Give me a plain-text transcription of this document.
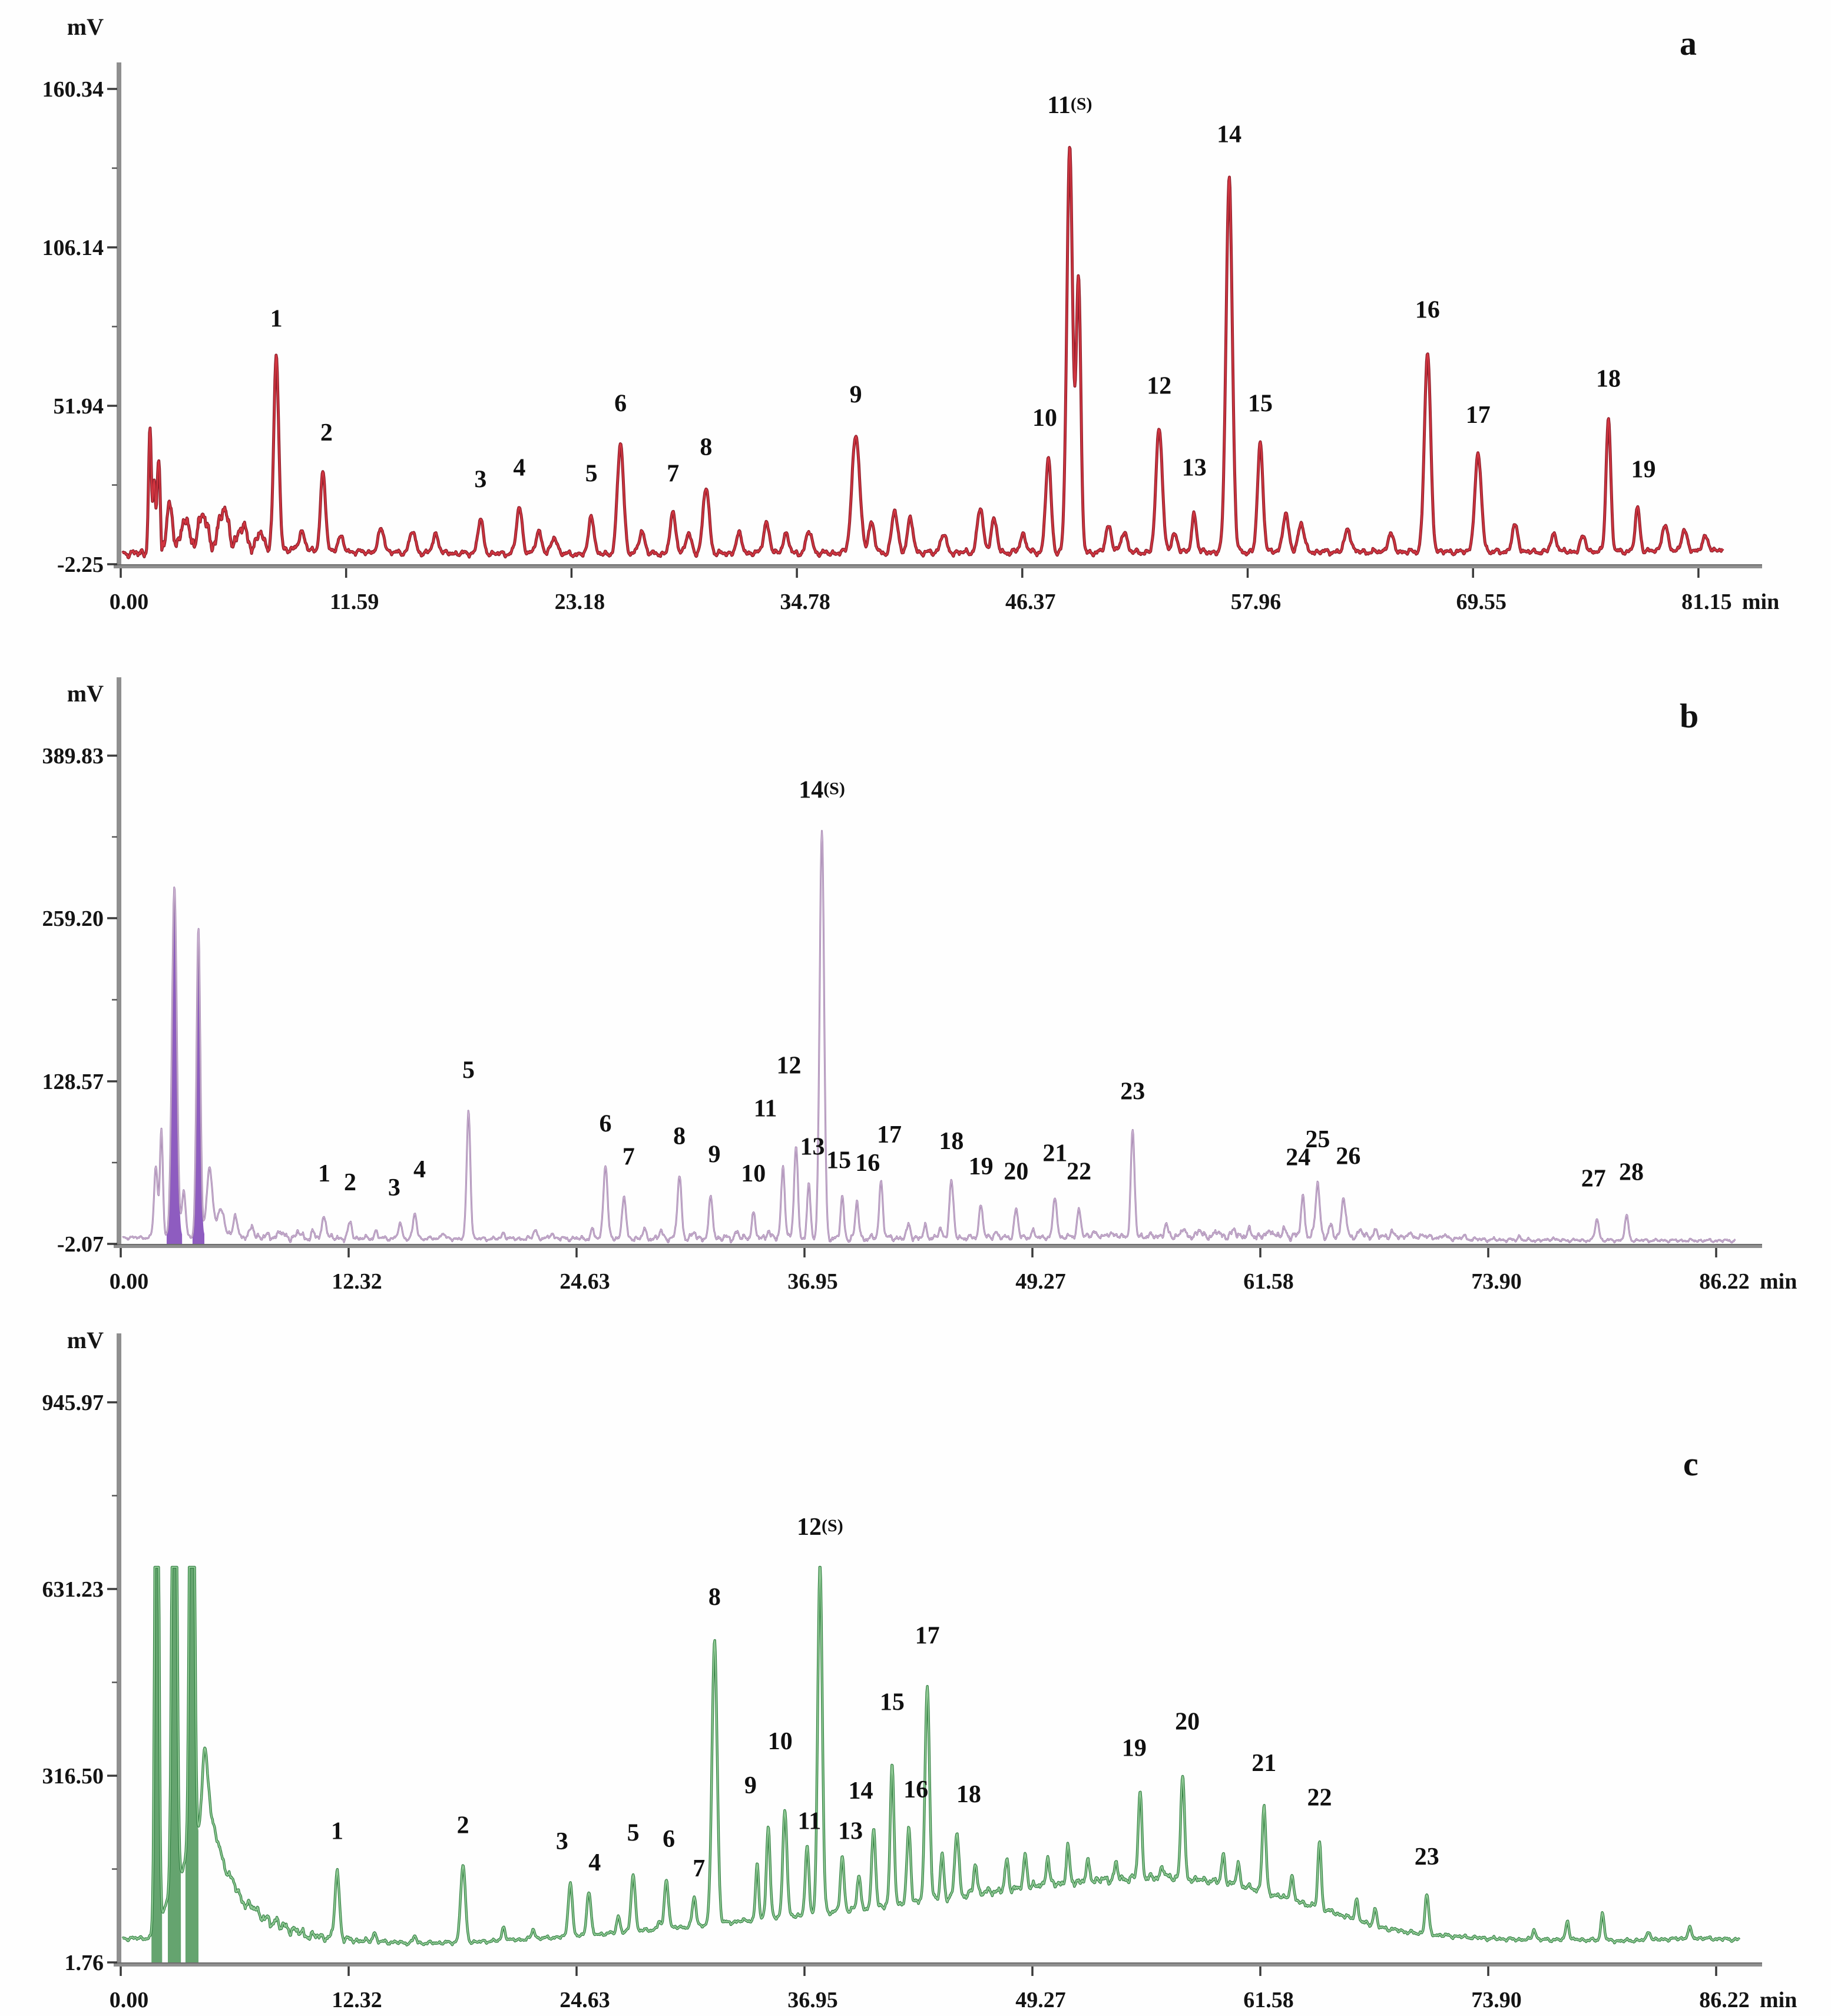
160.34
106.14
51.94
-2.25
mV
0.00	11.59	23.18	34.78	46.37	57.96	69.55	81.15 min
1
2
3 4 5
6
7
8
9
10
11(S)
12
13
14
15
16
17
18
19
389.83
259.20
128.57
-2.07
mV
0.00	12.32	24.63	36.95	49.27	61.58	73.90	86.22 min
1 2 3
4
5
6
7
8
9
10
11
12
13
14(S)
15 16
17 18
19 20
21
22
23
24
25
26
27 28
945.97
631.23
316.50
1.76
mV
0.00	12.32	24.63	36.95	49.27	61.58	73.90	86.22 min
1	2
3
4
5 6
7
8
9
10
11
12(S)
13
14
15
16
17
18
19
20
21
22
23
a
b
c
